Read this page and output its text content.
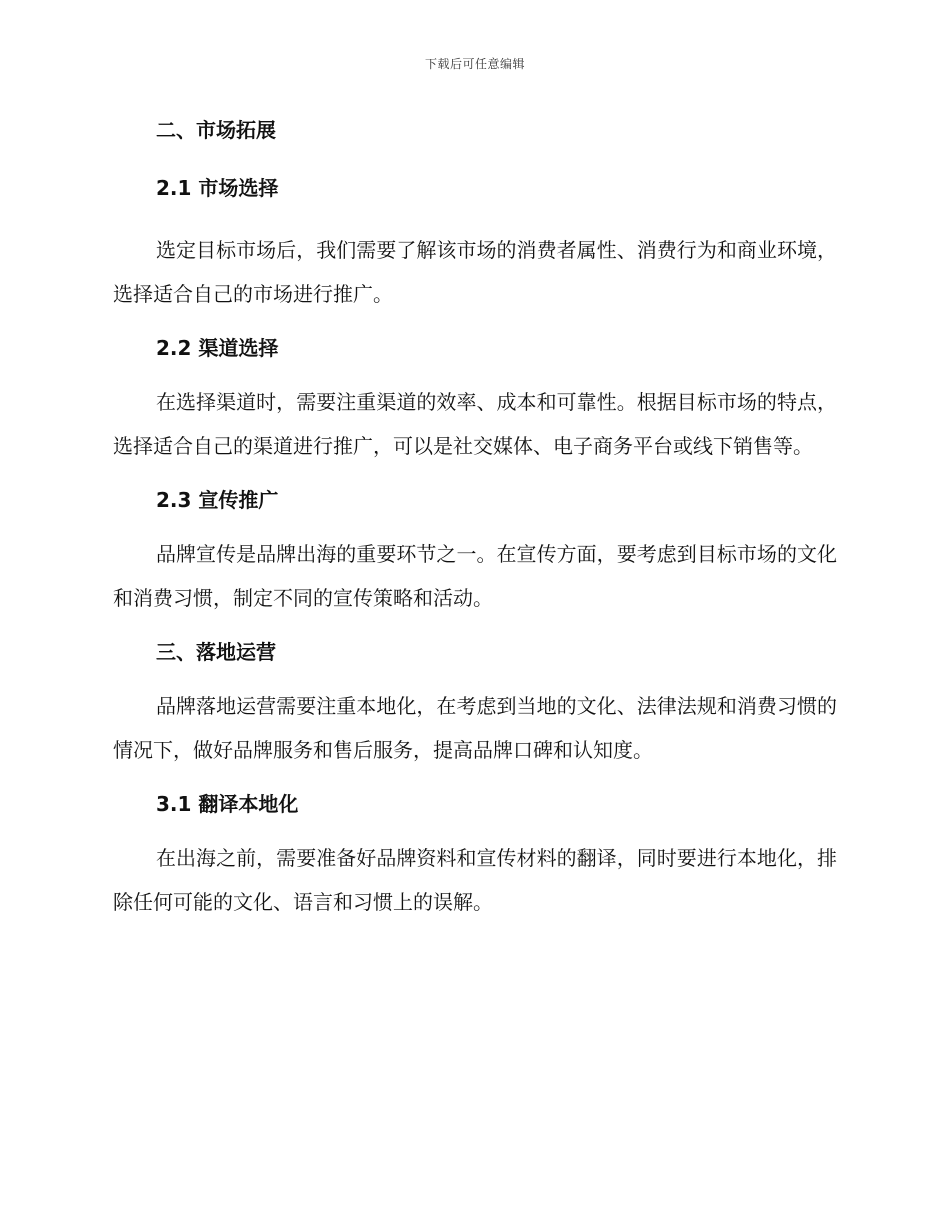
下载后可任意编辑
二、市场拓展
2.1 市场选择

选定目标市场后，我们需要了解该市场的消费者属性、消费行为和商业环境，选择适合自己的市场进行推广。

2.2 渠道选择

在选择渠道时，需要注重渠道的效率、成本和可靠性。根据目标市场的特点，选择适合自己的渠道进行推广，可以是社交媒体、电子商务平台或线下销售等。

2.3 宣传推广

品牌宣传是品牌出海的重要环节之一。在宣传方面，要考虑到目标市场的文化和消费习惯，制定不同的宣传策略和活动。

三、落地运营

品牌落地运营需要注重本地化，在考虑到当地的文化、法律法规和消费习惯的情况下，做好品牌服务和售后服务，提高品牌口碑和认知度。

3.1 翻译本地化

在出海之前，需要准备好品牌资料和宣传材料的翻译，同时要进行本地化，排除任何可能的文化、语言和习惯上的误解。
